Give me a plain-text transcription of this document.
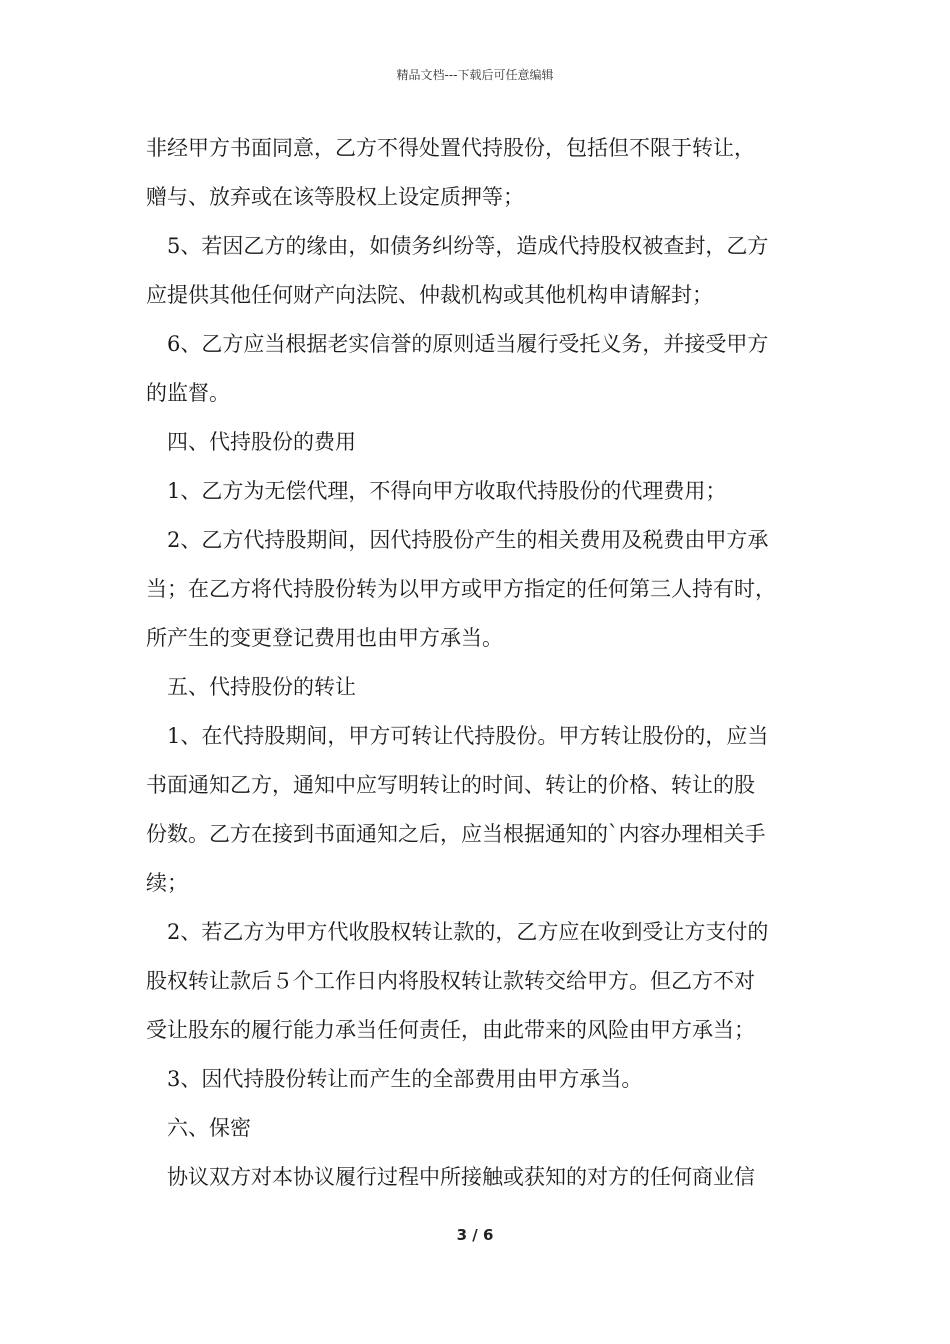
精品文档---下载后可任意编辑
非经甲方书面同意，乙方不得处置代持股份，包括但不限于转让，
赠与、放弃或在该等股权上设定质押等；
　5、若因乙方的缘由，如债务纠纷等，造成代持股权被查封，乙方
应提供其他任何财产向法院、仲裁机构或其他机构申请解封；
　6、乙方应当根据老实信誉的原则适当履行受托义务，并接受甲方
的监督。
　四、代持股份的费用
　1、乙方为无偿代理，不得向甲方收取代持股份的代理费用；
　2、乙方代持股期间，因代持股份产生的相关费用及税费由甲方承
当；在乙方将代持股份转为以甲方或甲方指定的任何第三人持有时，
所产生的变更登记费用也由甲方承当。
　五、代持股份的转让
　1、在代持股期间，甲方可转让代持股份。甲方转让股份的，应当
书面通知乙方，通知中应写明转让的时间、转让的价格、转让的股
份数。乙方在接到书面通知之后，应当根据通知的`内容办理相关手
续；
　2、若乙方为甲方代收股权转让款的，乙方应在收到受让方支付的
股权转让款后５个工作日内将股权转让款转交给甲方。但乙方不对
受让股东的履行能力承当任何责任，由此带来的风险由甲方承当；
　3、因代持股份转让而产生的全部费用由甲方承当。
　六、保密
　协议双方对本协议履行过程中所接触或获知的对方的任何商业信
3 / 6
